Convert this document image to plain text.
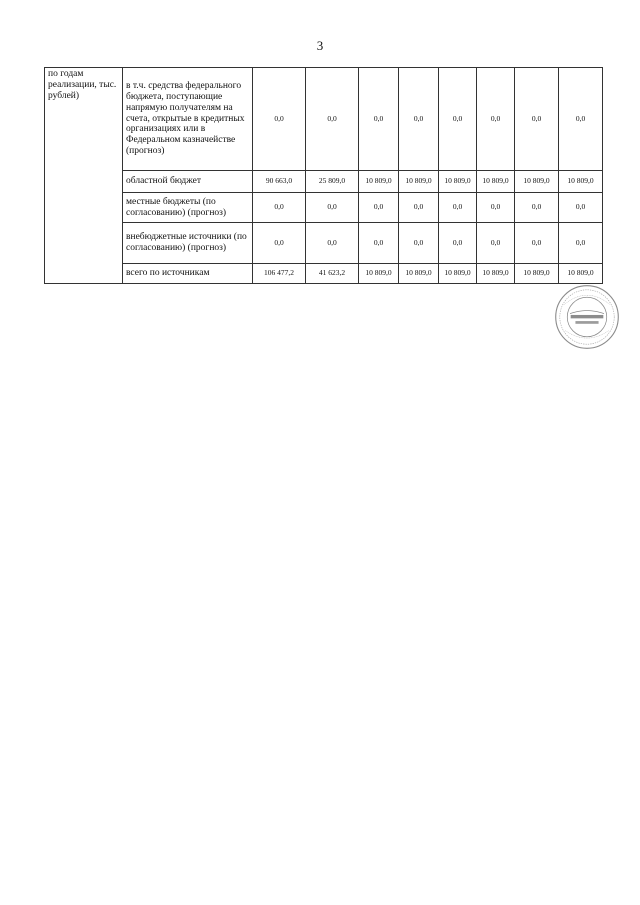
3
по годам реализации, тыс. рублей)	в т.ч. средства федерального бюджета, поступающие напрямую получателям на счета, открытые в кредитных организациях или в Федеральном казначействе (прогноз)	0,0	0,0	0,0	0,0	0,0	0,0	0,0	0,0
	областной бюджет	90 663,0	25 809,0	10 809,0	10 809,0	10 809,0	10 809,0	10 809,0	10 809,0
	местные бюджеты (по согласованию) (прогноз)	0,0	0,0	0,0	0,0	0,0	0,0	0,0	0,0
	внебюджетные источники (по согласованию) (прогноз)	0,0	0,0	0,0	0,0	0,0	0,0	0,0	0,0
	всего по источникам	106 477,2	41 623,2	10 809,0	10 809,0	10 809,0	10 809,0	10 809,0	10 809,0
